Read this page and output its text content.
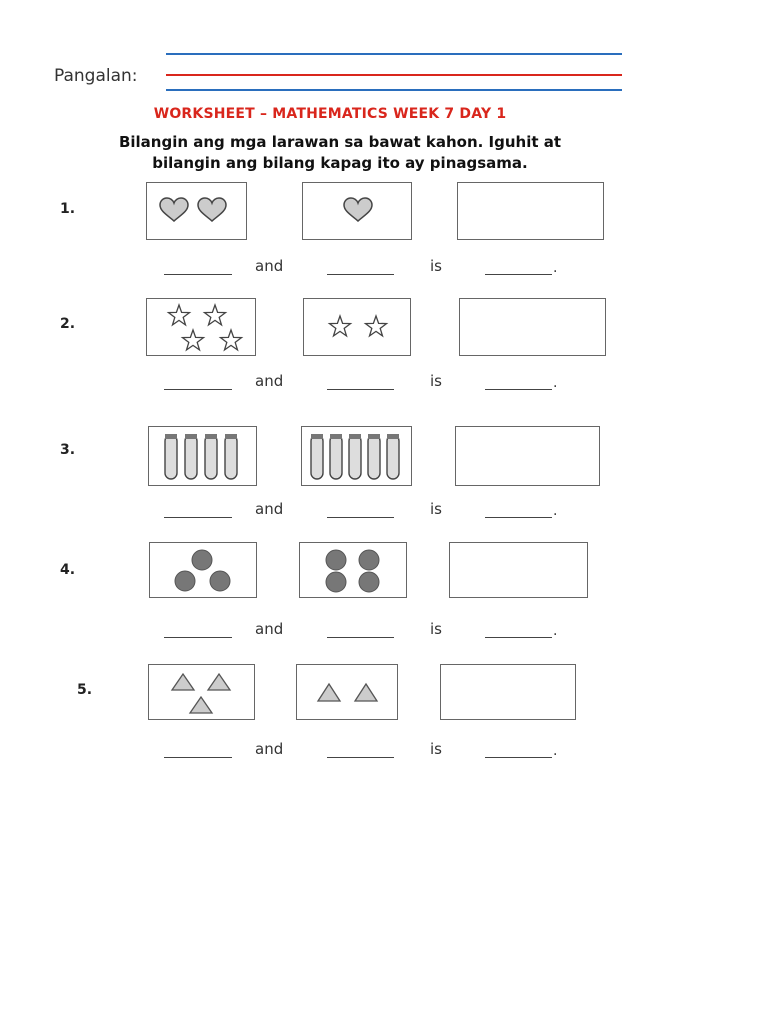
Pangalan:
WORKSHEET – MATHEMATICS WEEK 7 DAY 1
Bilangin ang mga larawan sa bawat kahon. Iguhit at
bilangin ang bilang kapag ito ay pinagsama.
1.
and	is	.
2.
and	is	.
3.
and	is	.
4.
and	is	.
5.
and	is	.
